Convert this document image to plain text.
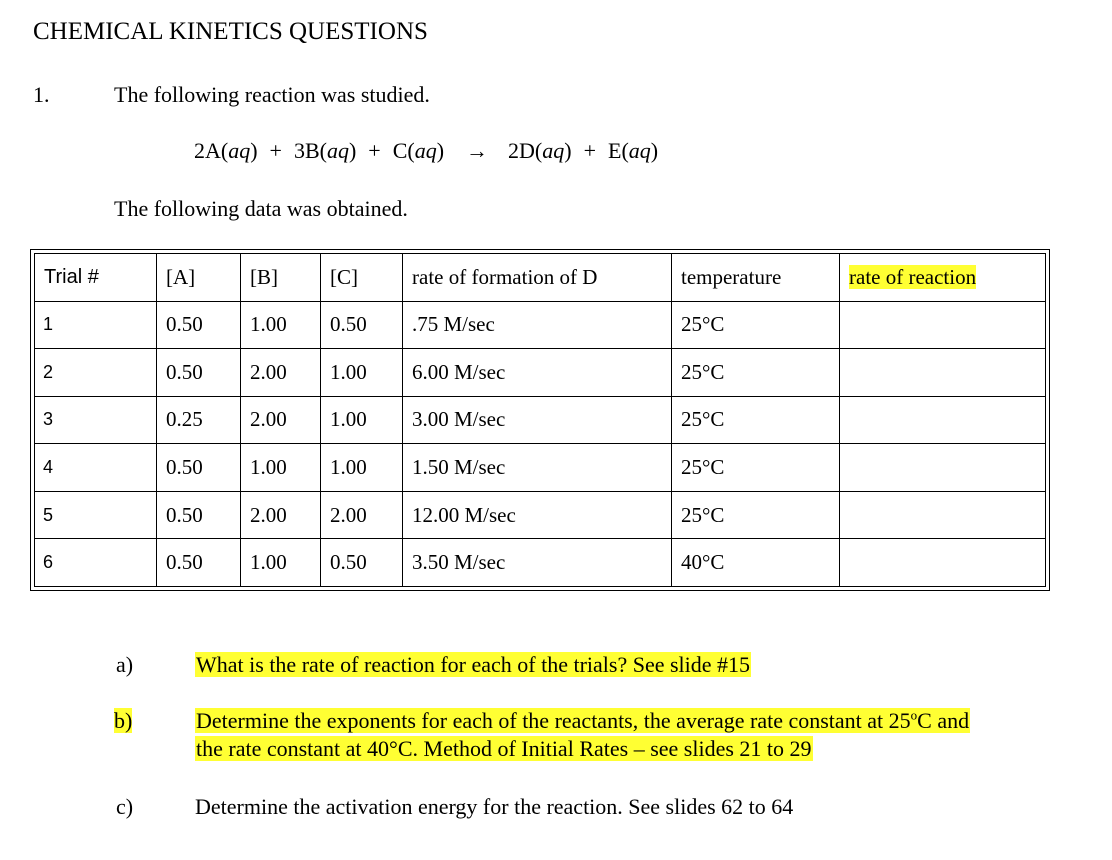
CHEMICAL KINETICS QUESTIONS
1.	The following reaction was studied.
2A(aq) + 3B(aq) + C(aq) → 2D(aq) + E(aq)
The following data was obtained.
Trial #	[A]	[B]	[C]	rate of formation of D	temperature	rate of reaction
1	0.50	1.00	0.50	.75 M/sec	25°C	
2	0.50	2.00	1.00	6.00 M/sec	25°C	
3	0.25	2.00	1.00	3.00 M/sec	25°C	
4	0.50	1.00	1.00	1.50 M/sec	25°C	
5	0.50	2.00	2.00	12.00 M/sec	25°C	
6	0.50	1.00	0.50	3.50 M/sec	40°C	
a)	What is the rate of reaction for each of the trials? See slide #15
b)	Determine the exponents for each of the reactants, the average rate constant at 25$^o$C and
the rate constant at 40°C. Method of Initial Rates – see slides 21 to 29
c)	Determine the activation energy for the reaction. See slides 62 to 64
